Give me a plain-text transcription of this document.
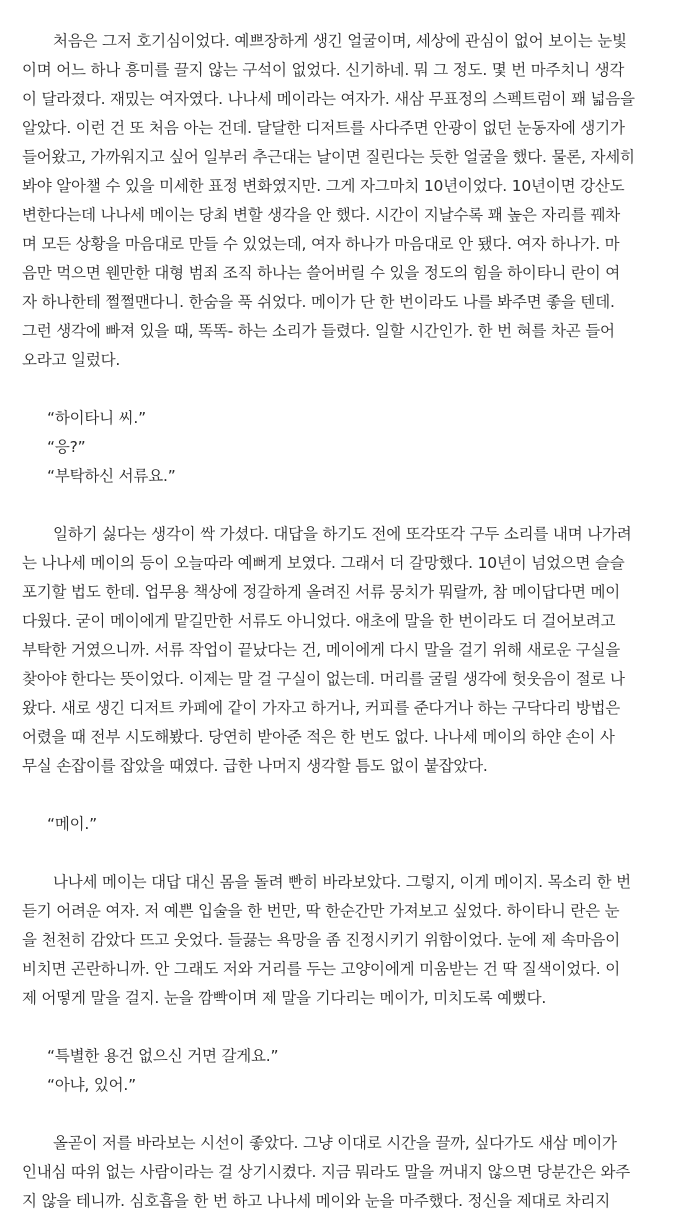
처음은 그저 호기심이었다. 예쁘장하게 생긴 얼굴이며, 세상에 관심이 없어 보이는 눈빛
이며 어느 하나 흥미를 끌지 않는 구석이 없었다. 신기하네. 뭐 그 정도. 몇 번 마주치니 생각
이 달라졌다. 재밌는 여자였다. 나나세 메이라는 여자가. 새삼 무표정의 스펙트럼이 꽤 넓음을
알았다. 이런 건 또 처음 아는 건데. 달달한 디저트를 사다주면 안광이 없던 눈동자에 생기가
들어왔고, 가까워지고 싶어 일부러 추근대는 날이면 질린다는 듯한 얼굴을 했다. 물론, 자세히
봐야 알아챌 수 있을 미세한 표정 변화였지만. 그게 자그마치 10년이었다. 10년이면 강산도
변한다는데 나나세 메이는 당최 변할 생각을 안 했다. 시간이 지날수록 꽤 높은 자리를 꿰차
며 모든 상황을 마음대로 만들 수 있었는데, 여자 하나가 마음대로 안 됐다. 여자 하나가. 마
음만 먹으면 웬만한 대형 범죄 조직 하나는 쓸어버릴 수 있을 정도의 힘을 하이타니 란이 여
자 하나한테 쩔쩔맨다니. 한숨을 푹 쉬었다. 메이가 단 한 번이라도 나를 봐주면 좋을 텐데.
그런 생각에 빠져 있을 때, 똑똑- 하는 소리가 들렸다. 일할 시간인가. 한 번 혀를 차곤 들어
오라고 일렀다.
“하이타니 씨.”
“응?”
“부탁하신 서류요.”
일하기 싫다는 생각이 싹 가셨다. 대답을 하기도 전에 또각또각 구두 소리를 내며 나가려
는 나나세 메이의 등이 오늘따라 예뻐게 보였다. 그래서 더 갈망했다. 10년이 넘었으면 슬슬
포기할 법도 한데. 업무용 책상에 정갈하게 올려진 서류 뭉치가 뭐랄까, 참 메이답다면 메이
다웠다. 굳이 메이에게 맡길만한 서류도 아니었다. 애초에 말을 한 번이라도 더 걸어보려고
부탁한 거였으니까. 서류 작업이 끝났다는 건, 메이에게 다시 말을 걸기 위해 새로운 구실을
찾아야 한다는 뜻이었다. 이제는 말 걸 구실이 없는데. 머리를 굴릴 생각에 헛웃음이 절로 나
왔다. 새로 생긴 디저트 카페에 같이 가자고 하거나, 커피를 준다거나 하는 구닥다리 방법은
어렸을 때 전부 시도해봤다. 당연히 받아준 적은 한 번도 없다. 나나세 메이의 하얀 손이 사
무실 손잡이를 잡았을 때였다. 급한 나머지 생각할 틈도 없이 붙잡았다.
“메이.”
나나세 메이는 대답 대신 몸을 돌려 빤히 바라보았다. 그렇지, 이게 메이지. 목소리 한 번
듣기 어려운 여자. 저 예쁜 입술을 한 번만, 딱 한순간만 가져보고 싶었다. 하이타니 란은 눈
을 천천히 감았다 뜨고 웃었다. 들끓는 욕망을 좀 진정시키기 위함이었다. 눈에 제 속마음이
비치면 곤란하니까. 안 그래도 저와 거리를 두는 고양이에게 미움받는 건 딱 질색이었다. 이
제 어떻게 말을 걸지. 눈을 깜빡이며 제 말을 기다리는 메이가, 미치도록 예뻤다.
“특별한 용건 없으신 거면 갈게요.”
“아냐, 있어.”
올곧이 저를 바라보는 시선이 좋았다. 그냥 이대로 시간을 끌까, 싶다가도 새삼 메이가
인내심 따위 없는 사람이라는 걸 상기시켰다. 지금 뭐라도 말을 꺼내지 않으면 당분간은 와주
지 않을 테니까. 심호흡을 한 번 하고 나나세 메이와 눈을 마주했다. 정신을 제대로 차리지
